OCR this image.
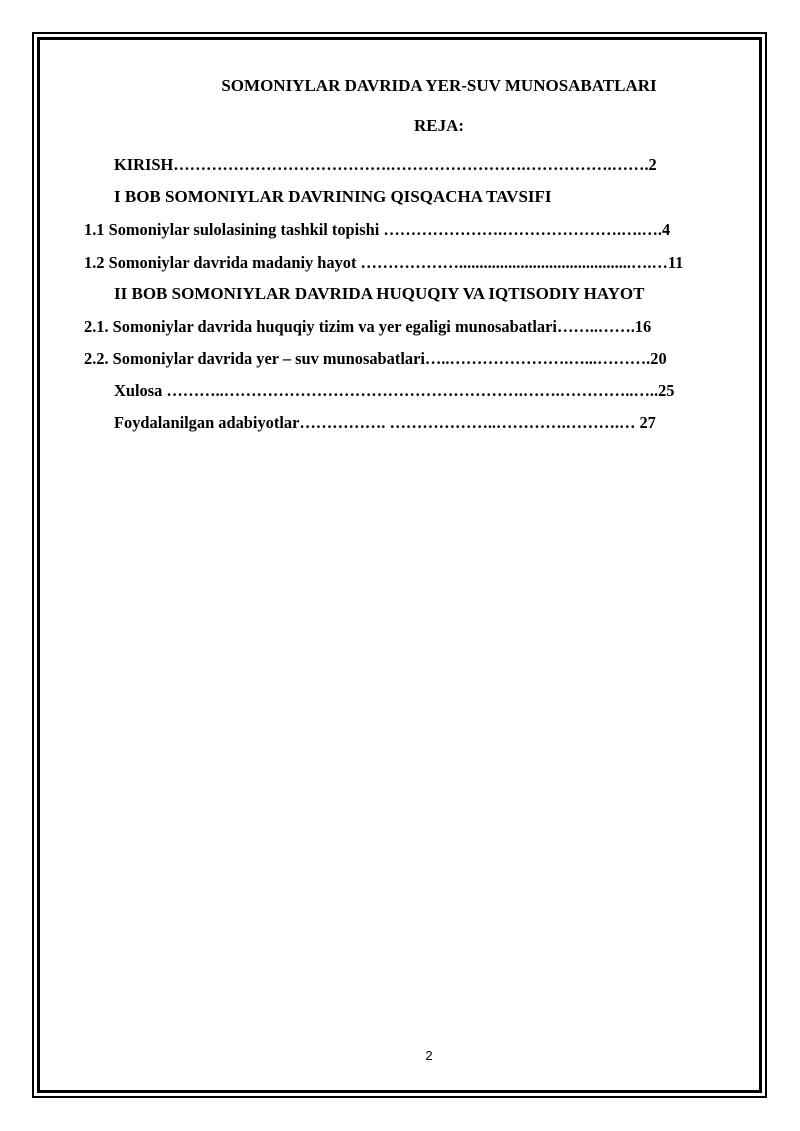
SOMONIYLAR DAVRIDA YER-SUV MUNOSABATLARI
REJA:
KIRISH………………………………….…………………….…………….…….2
I BOB SOMONIYLAR DAVRINING QISQACHA TAVSIFI
1.1 Somoniylar sulolasining tashkil topishi ………………….………………….….….4
1.2 Somoniylar davrida madaniy hayot ………………..........................................….…11
II BOB SOMONIYLAR DAVRIDA HUQUQIY VA IQTISODIY HAYOT
2.1. Somoniylar davrida huquqiy tizim va yer egaligi munosabatlari……..…….16
2.2. Somoniylar davrida yer – suv munosabatlari…..………………….…...……….20
Xulosa ………..……………………………………………….…….…………..…..25
Foydalanilgan adabiyotlar……………. ………………..………….……….… 27
2
